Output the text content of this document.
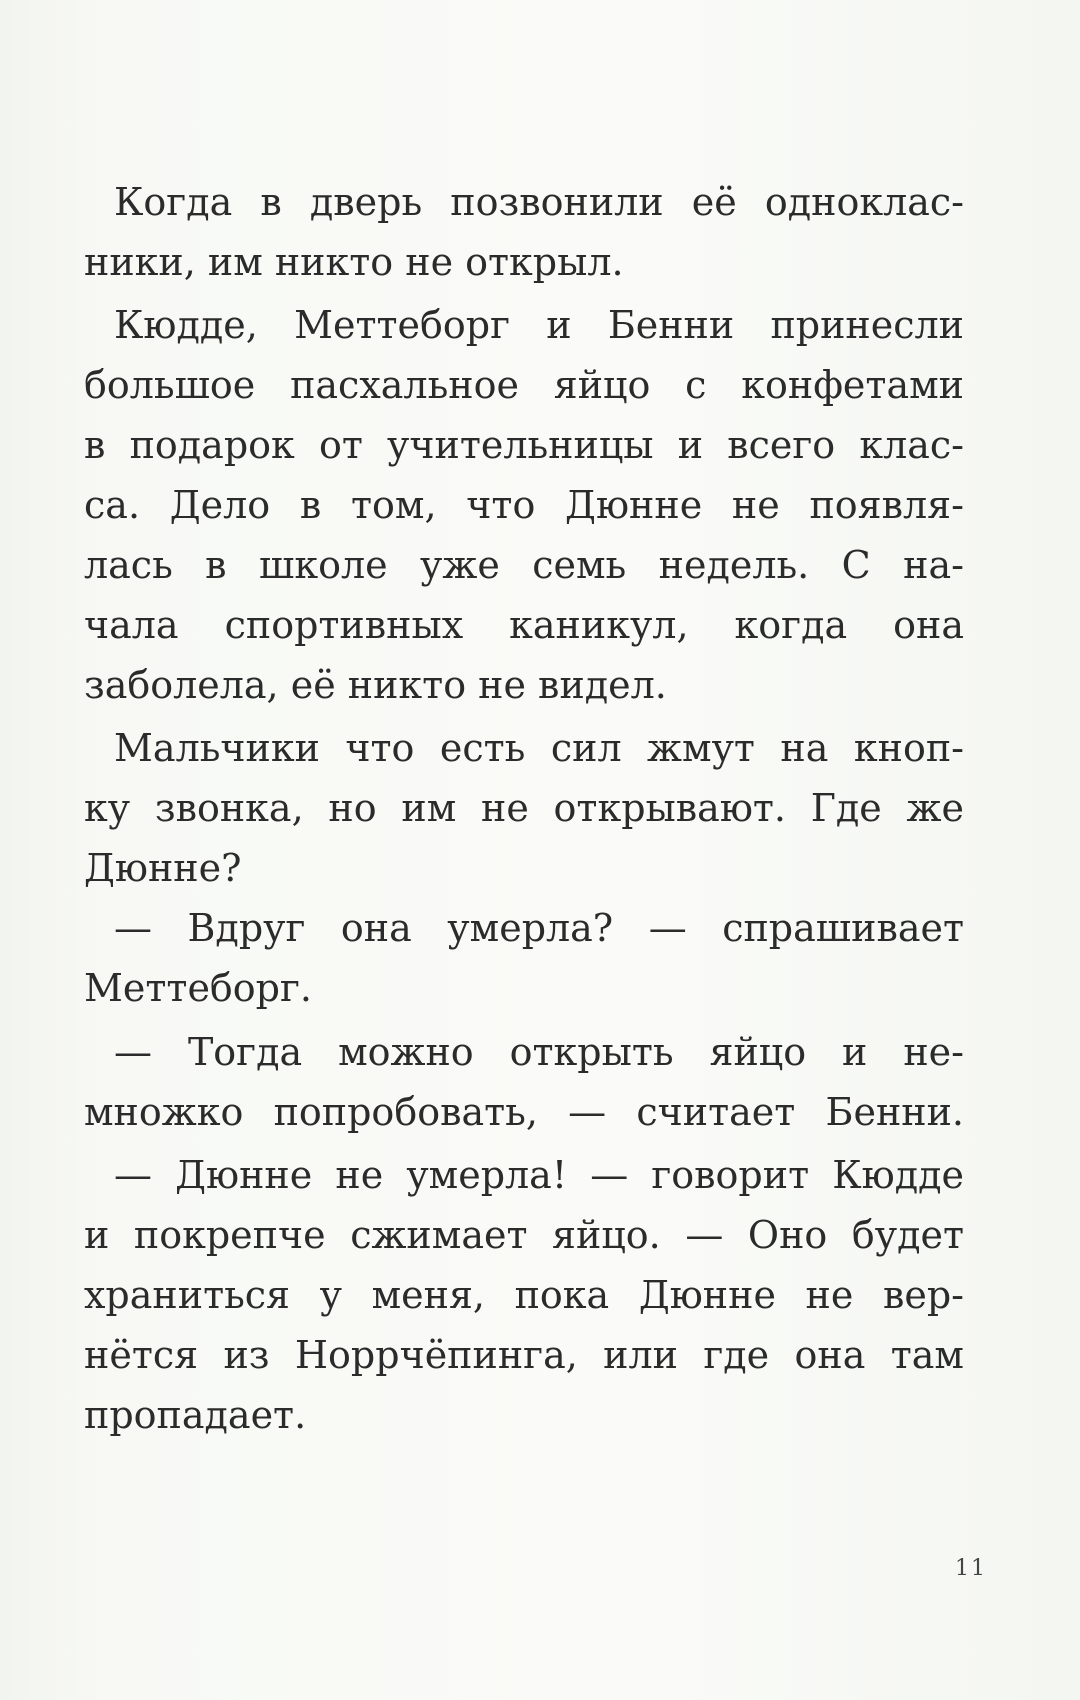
Когда в дверь позвонили её одноклас-
ники, им никто не открыл.
Кюдде, Меттеборг и Бенни принесли
большое пасхальное яйцо с конфетами
в подарок от учительницы и всего клас-
са. Дело в том, что Дюнне не появля-
лась в школе уже семь недель. С на-
чала спортивных каникул, когда она
заболела, её никто не видел.
Мальчики что есть сил жмут на кноп-
ку звонка, но им не открывают. Где же
Дюнне?
— Вдруг она умерла? — спрашивает
Меттеборг.
— Тогда можно открыть яйцо и не-
множко попробовать, — считает Бенни.
— Дюнне не умерла! — говорит Кюдде
и покрепче сжимает яйцо. — Оно будет
храниться у меня, пока Дюнне не вер-
нётся из Норрчёпинга, или где она там
пропадает.
11
